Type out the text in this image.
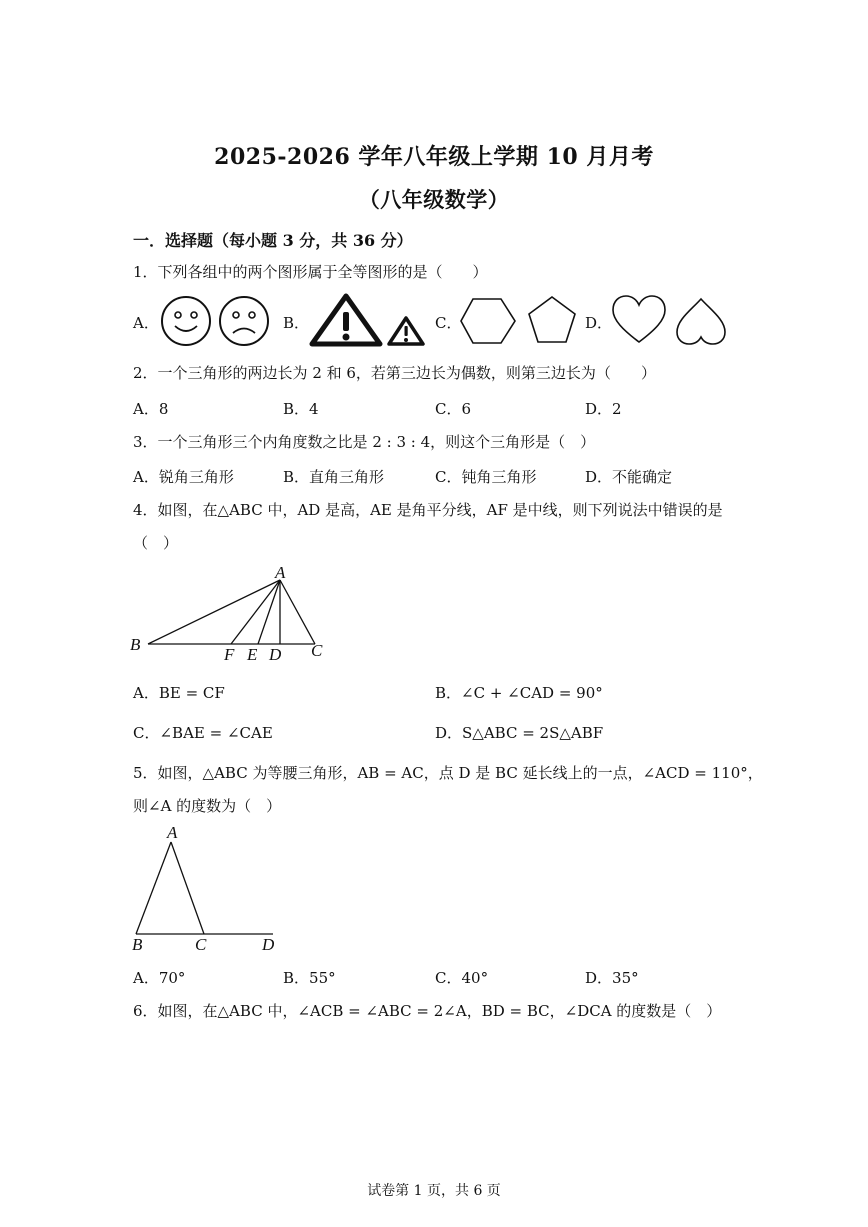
2025-2026 学年八年级上学期 10 月月考
（八年级数学）
一．选择题（每小题 3 分，共 36 分）
1．下列各组中的两个图形属于全等图形的是（　　）
A．	B．	C．	D．
2．一个三角形的两边长为 2 和 6，若第三边长为偶数，则第三边长为（　　）
A．8	B．4	C．6	D．2
3．一个三角形三个内角度数之比是 2 : 3 : 4，则这个三角形是（　）
A．锐角三角形	B．直角三角形	C．钝角三角形	D．不能确定
4．如图，在△ABC 中，AD 是高，AE 是角平分线，AF 是中线，则下列说法中错误的是
（　）
A
B
F E D C
A．BE = CF	B．∠C + ∠CAD = 90°
C．∠BAE = ∠CAE	D．S△ABC = 2S△ABF
5．如图，△ABC 为等腰三角形，AB = AC，点 D 是 BC 延长线上的一点，∠ACD = 110°，
则∠A 的度数为（　）
A
B	C	D
A．70°	B．55°	C．40°	D．35°
6．如图，在△ABC 中，∠ACB = ∠ABC = 2∠A，BD = BC，∠DCA 的度数是（　）
试卷第 1 页，共 6 页
